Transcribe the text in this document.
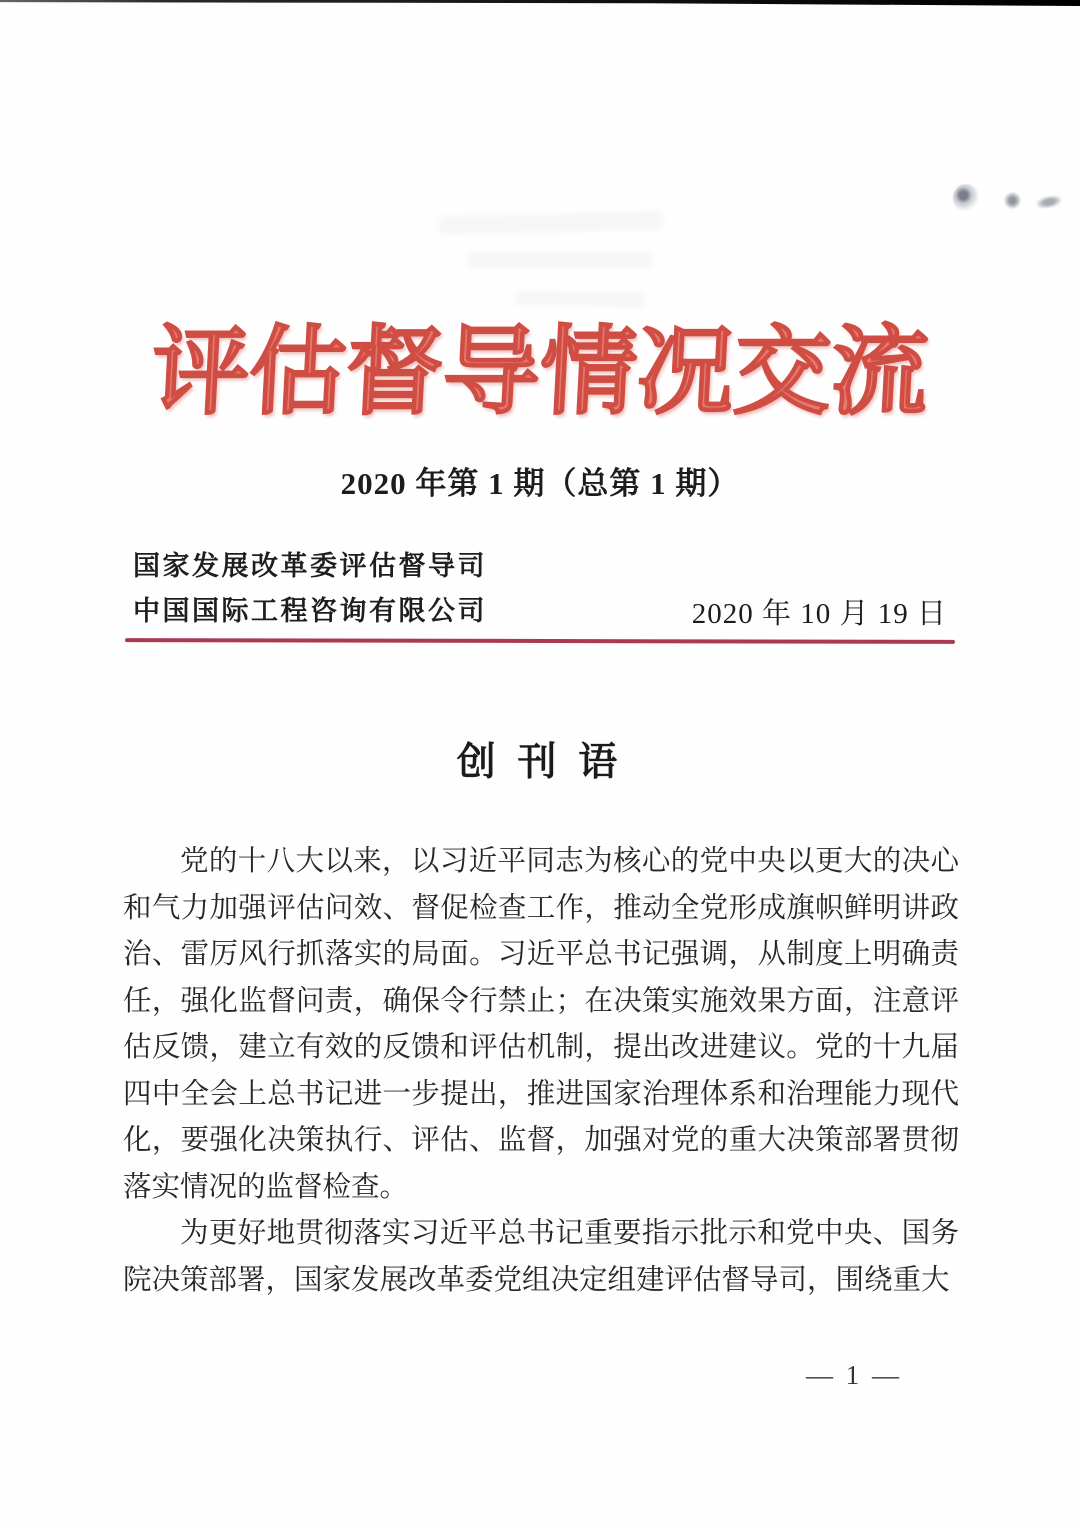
评估督导情况交流
2020 年第 1 期（总第 1 期）
国家发展改革委评估督导司
中国国际工程咨询有限公司	2020 年 10 月 19 日
创 刊 语

党的十八大以来，以习近平同志为核心的党中央以更大的决心和气力加强评估问效、督促检查工作，推动全党形成旗帜鲜明讲政治、雷厉风行抓落实的局面。习近平总书记强调，从制度上明确责任，强化监督问责，确保令行禁止；在决策实施效果方面，注意评估反馈，建立有效的反馈和评估机制，提出改进建议。党的十九届四中全会上总书记进一步提出，推进国家治理体系和治理能力现代化，要强化决策执行、评估、监督，加强对党的重大决策部署贯彻落实情况的监督检查。

为更好地贯彻落实习近平总书记重要指示批示和党中央、国务院决策部署，国家发展改革委党组决定组建评估督导司，围绕重大

— 1 —
